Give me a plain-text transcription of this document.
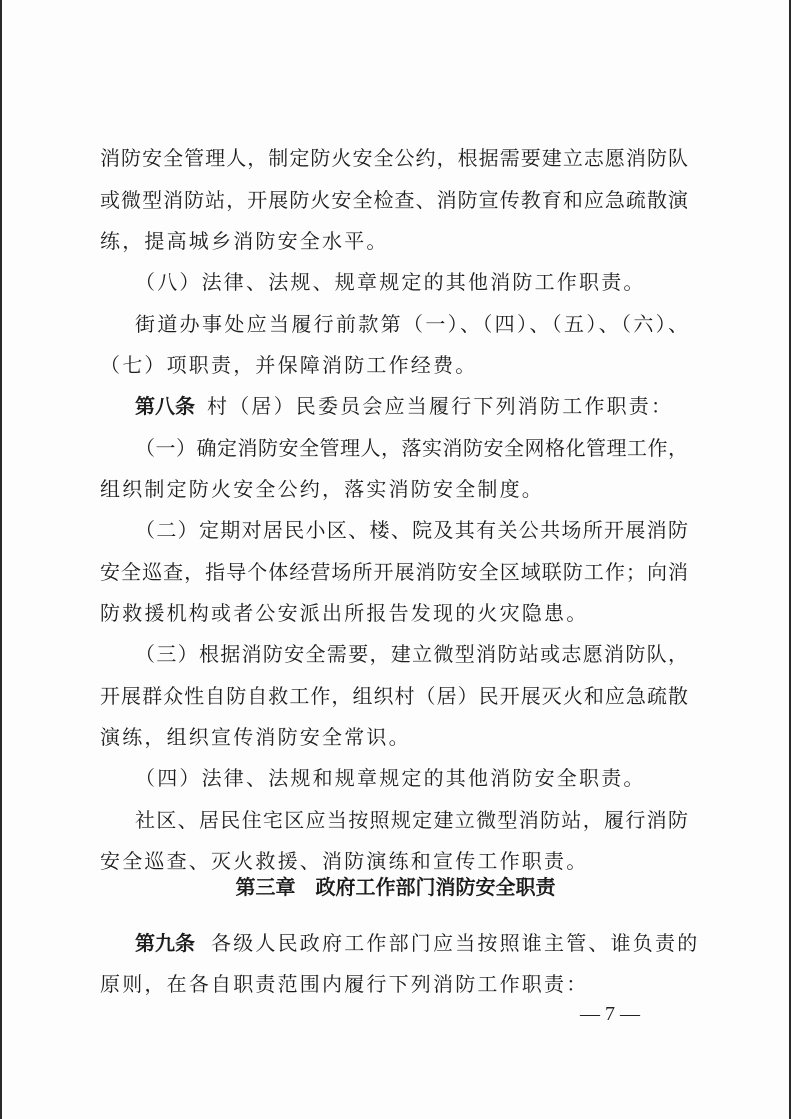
消防安全管理人，制定防火安全公约，根据需要建立志愿消防队
或微型消防站，开展防火安全检查、消防宣传教育和应急疏散演
练，提高城乡消防安全水平。
（八）法律、法规、规章规定的其他消防工作职责。
街道办事处应当履行前款第（一）、（四）、（五）、（六）、
（七）项职责，并保障消防工作经费。
第八条 村（居）民委员会应当履行下列消防工作职责：
（一）确定消防安全管理人，落实消防安全网格化管理工作，
组织制定防火安全公约，落实消防安全制度。
（二）定期对居民小区、楼、院及其有关公共场所开展消防
安全巡查，指导个体经营场所开展消防安全区域联防工作；向消
防救援机构或者公安派出所报告发现的火灾隐患。
（三）根据消防安全需要，建立微型消防站或志愿消防队，
开展群众性自防自救工作，组织村（居）民开展灭火和应急疏散
演练，组织宣传消防安全常识。
（四）法律、法规和规章规定的其他消防安全职责。
社区、居民住宅区应当按照规定建立微型消防站，履行消防
安全巡查、灭火救援、消防演练和宣传工作职责。
第三章　政府工作部门消防安全职责
第九条 各级人民政府工作部门应当按照谁主管、谁负责的
原则，在各自职责范围内履行下列消防工作职责：
— 7 —
